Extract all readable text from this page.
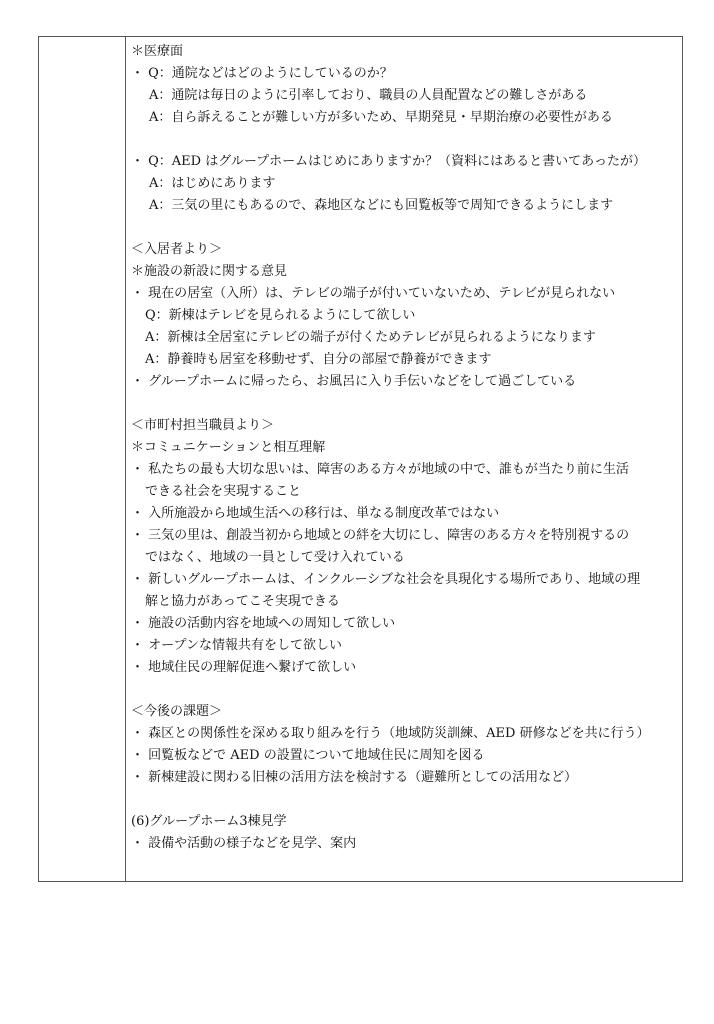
＊医療面
・ Q：通院などはどのようにしているのか？
A：通院は毎日のように引率しており、職員の人員配置などの難しさがある
A：自ら訴えることが難しい方が多いため、早期発見・早期治療の必要性がある
・ Q：AED はグループホームはじめにありますか？（資料にはあると書いてあったが）
A：はじめにあります
A：三気の里にもあるので、森地区などにも回覧板等で周知できるようにします
＜入居者より＞
＊施設の新設に関する意見
・ 現在の居室（入所）は、テレビの端子が付いていないため、テレビが見られない
Q：新棟はテレビを見られるようにして欲しい
A：新棟は全居室にテレビの端子が付くためテレビが見られるようになります
A：静養時も居室を移動せず、自分の部屋で静養ができます
・ グループホームに帰ったら、お風呂に入り手伝いなどをして過ごしている
＜市町村担当職員より＞
＊コミュニケーションと相互理解
・ 私たちの最も大切な思いは、障害のある方々が地域の中で、誰もが当たり前に生活
できる社会を実現すること
・ 入所施設から地域生活への移行は、単なる制度改革ではない
・ 三気の里は、創設当初から地域との絆を大切にし、障害のある方々を特別視するの
ではなく、地域の一員として受け入れている
・ 新しいグループホームは、インクルーシブな社会を具現化する場所であり、地域の理
解と協力があってこそ実現できる
・ 施設の活動内容を地域への周知して欲しい
・ オープンな情報共有をして欲しい
・ 地域住民の理解促進へ繋げて欲しい
＜今後の課題＞
・ 森区との関係性を深める取り組みを行う（地域防災訓練、AED 研修などを共に行う）
・ 回覧板などで AED の設置について地域住民に周知を図る
・ 新棟建設に関わる旧棟の活用方法を検討する（避難所としての活用など）
(6)グループホーム3棟見学
・ 設備や活動の様子などを見学、案内
